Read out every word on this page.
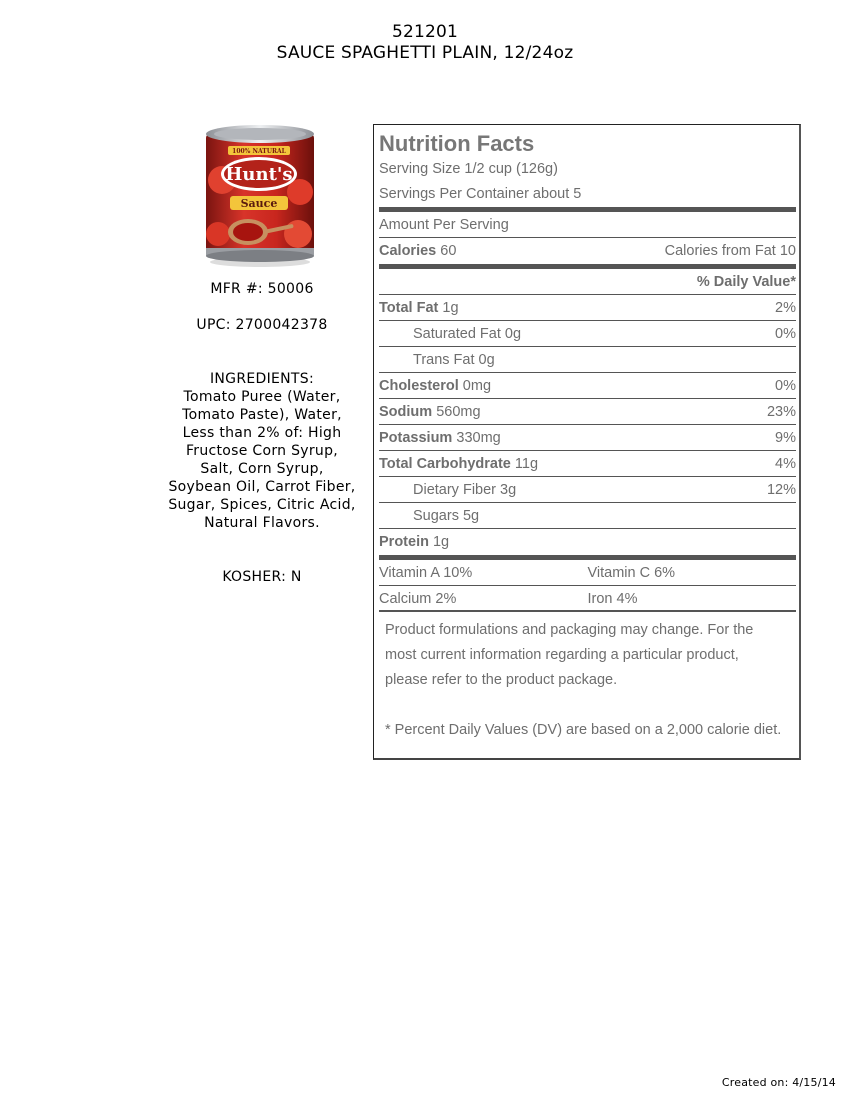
521201
SAUCE SPAGHETTI PLAIN, 12/24oz
100% NATURAL
Hunt's
Sauce
MFR #: 50006
UPC: 2700042378
INGREDIENTS:
Tomato Puree (Water,
Tomato Paste), Water,
Less than 2% of: High
Fructose Corn Syrup,
Salt, Corn Syrup,
Soybean Oil, Carrot Fiber,
Sugar, Spices, Citric Acid,
Natural Flavors.
KOSHER: N
Nutrition Facts
Serving Size 1/2 cup (126g)
Servings Per Container about 5
Amount Per Serving
Calories 60	Calories from Fat 10
% Daily Value*
Total Fat 1g	2%
Saturated Fat 0g	0%
Trans Fat 0g
Cholesterol 0mg	0%
Sodium 560mg	23%
Potassium 330mg	9%
Total Carbohydrate 11g	4%
Dietary Fiber 3g	12%
Sugars 5g
Protein 1g
Vitamin A 10%	Vitamin C 6%
Calcium 2%	Iron 4%
Product formulations and packaging may change. For the
most current information regarding a particular product,
please refer to the product package.
* Percent Daily Values (DV) are based on a 2,000 calorie diet.
Created on: 4/15/14
